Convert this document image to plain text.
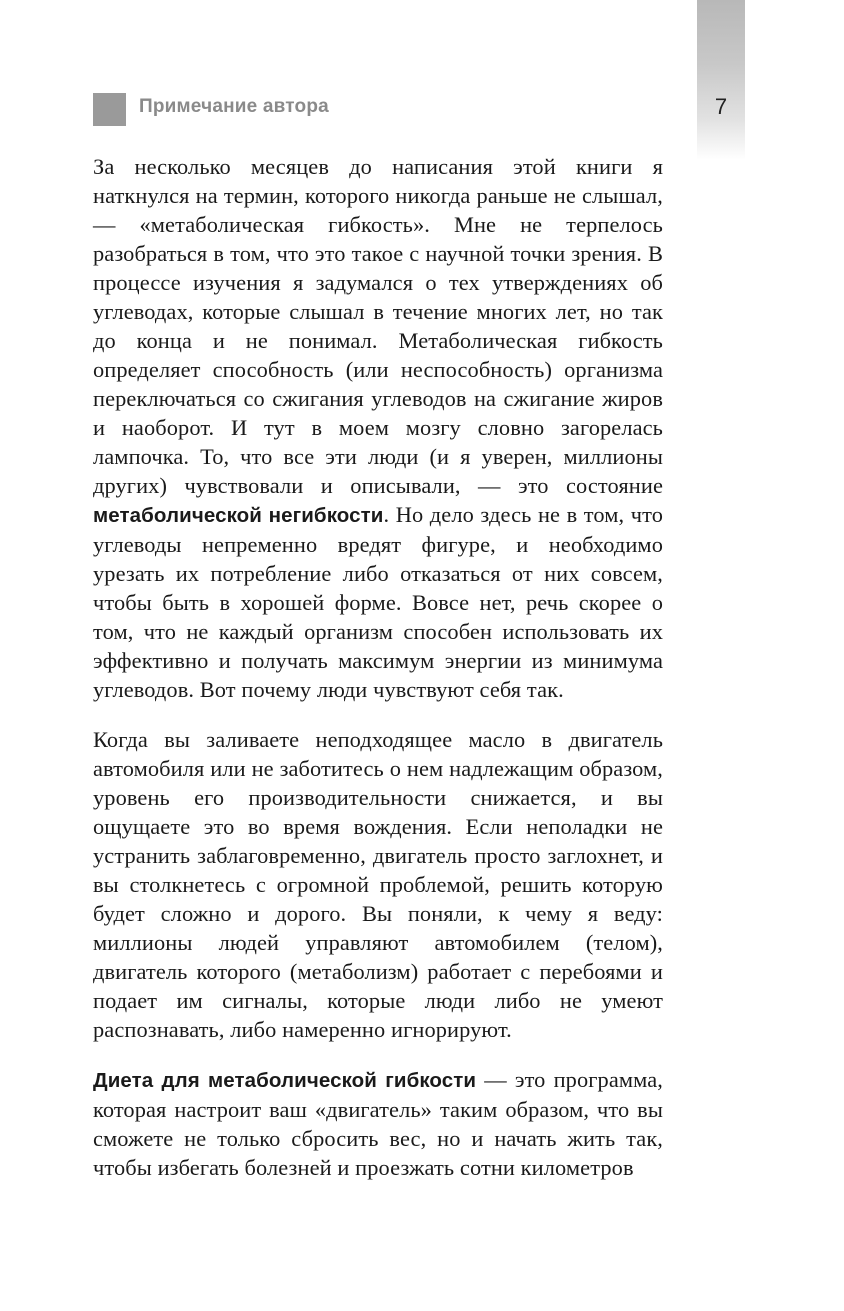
7
Примечание автора

За несколько месяцев до написания этой книги я наткнулся на термин, которого никогда раньше не слышал, — «метаболическая гибкость». Мне не терпелось разобраться в том, что это такое с научной точки зрения. В процессе изучения я задумался о тех утверждениях об углеводах, которые слышал в течение многих лет, но так до конца и не понимал. Метаболическая гибкость определяет способность (или неспособность) организма переключаться со сжигания углеводов на сжигание жиров и наоборот. И тут в моем мозгу словно загорелась лампочка. То, что все эти люди (и я уверен, миллионы других) чувствовали и описывали, — это состояние метаболической негибкости. Но дело здесь не в том, что углеводы непременно вредят фигуре, и необходимо урезать их потребление либо отказаться от них совсем, чтобы быть в хорошей форме. Вовсе нет, речь скорее о том, что не каждый организм способен использовать их эффективно и получать максимум энергии из минимума углеводов. Вот почему люди чувствуют себя так.

Когда вы заливаете неподходящее масло в двигатель автомобиля или не заботитесь о нем надлежащим образом, уровень его производительности снижается, и вы ощущаете это во время вождения. Если неполадки не устранить заблаговременно, двигатель просто заглохнет, и вы столкнетесь с огромной проблемой, решить которую будет сложно и дорого. Вы поняли, к чему я веду: миллионы людей управляют автомобилем (телом), двигатель которого (метаболизм) работает с перебоями и подает им сигналы, которые люди либо не умеют распознавать, либо намеренно игнорируют.

Диета для метаболической гибкости — это программа, которая настроит ваш «двигатель» таким образом, что вы сможете не только сбросить вес, но и начать жить так, чтобы избегать болезней и проезжать сотни километров
